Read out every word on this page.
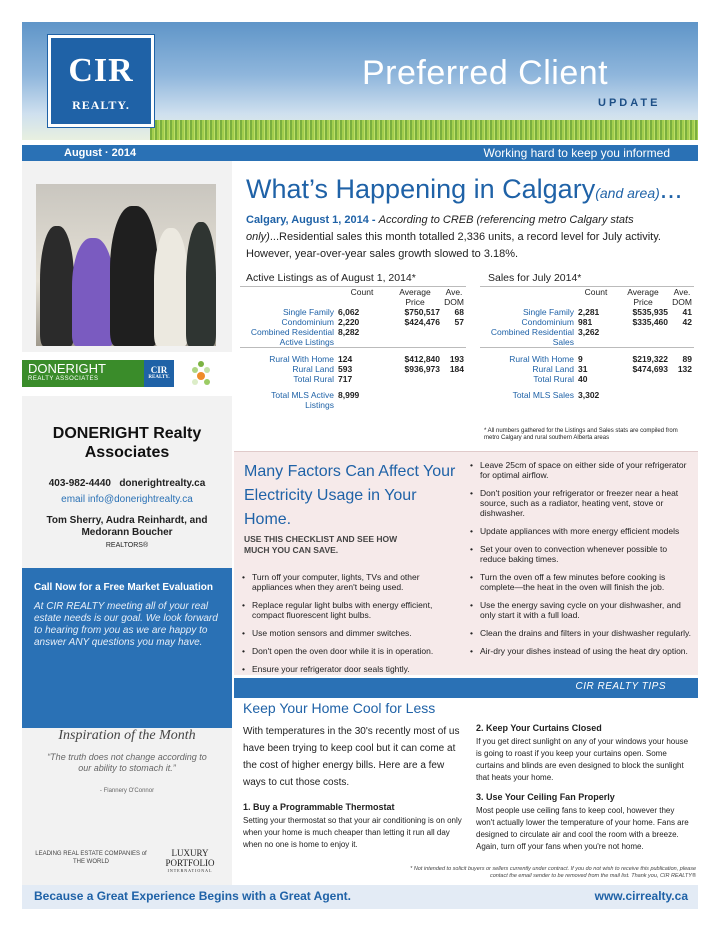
CIR
REALTY.
Preferred Client
UPDATE
August · 2014	Working hard to keep you informed
DONERIGHT
REALTY ASSOCIATES
CIR
REALTY.
DONERIGHT Realty Associates
403-982-4440 donerightrealty.ca
email info@donerightrealty.ca
Tom Sherry, Audra Reinhardt, and Medorann Boucher
REALTORS®
Call Now for a Free Market Evaluation
At CIR REALTY meeting all of your real estate needs is our goal. We look forward to hearing from you as we are happy to answer ANY questions you may have.
Inspiration of the Month
“The truth does not change according to our ability to stomach it.”
- Flannery O'Connor
LEADING REAL ESTATE COMPANIES of THE WORLD
LUXURY PORTFOLIO
INTERNATIONAL
What’s Happening in Calgary(and area)...
Calgary, August 1, 2014 - According to CREB (referencing metro Calgary stats only)...Residential sales this month totalled 2,336 units, a record level for July activity. However, year-over-year sales growth slowed to 3.18%.
Active Listings as of August 1, 2014*	Sales for July 2014*
	Count	Average Price	Ave. DOM
Single Family	6,062	$750,517	68
Condominium	2,220	$424,476	57
Combined Residential Active Listings	8,282		
Rural With Home	124	$412,840	193
Rural Land	593	$936,973	184
Total Rural	717		
Total MLS Active Listings	8,999		
	Count	Average Price	Ave. DOM
Single Family	2,281	$535,935	41
Condominium	981	$335,460	42
Combined Residential Sales	3,262		
Rural With Home	9	$219,322	89
Rural Land	31	$474,693	132
Total Rural	40		
Total MLS Sales	3,302		
* All numbers gathered for the Listings and Sales stats are compiled from metro Calgary and rural southern Alberta areas
Many Factors Can Affect Your Electricity Usage in Your Home.
USE THIS CHECKLIST AND SEE HOW MUCH YOU CAN SAVE.
• Turn off your computer, lights, TVs and other appliances when they aren't being used.
• Replace regular light bulbs with energy efficient, compact fluorescent light bulbs.
• Use motion sensors and dimmer switches.
• Don't open the oven door while it is in operation.
• Ensure your refrigerator door seals tightly.
• Leave 25cm of space on either side of your refrigerator for optimal airflow.
• Don't position your refrigerator or freezer near a heat source, such as a radiator, heating vent, stove or dishwasher.
• Update appliances with more energy efficient models
• Set your oven to convection whenever possible to reduce baking times.
• Turn the oven off a few minutes before cooking is complete—the heat in the oven will finish the job.
• Use the energy saving cycle on your dishwasher, and only start it with a full load.
• Clean the drains and filters in your dishwasher regularly.
• Air-dry your dishes instead of using the heat dry option.
CIR REALTY TIPS
Keep Your Home Cool for Less
With temperatures in the 30's recently most of us have been trying to keep cool but it can come at the cost of higher energy bills. Here are a few ways to cut those costs.
1. Buy a Programmable Thermostat
Setting your thermostat so that your air conditioning is on only when your home is much cheaper than letting it run all day when no one is home to enjoy it.
2. Keep Your Curtains Closed
If you get direct sunlight on any of your windows your house is going to roast if you keep your curtains open. Some curtains and blinds are even designed to block the sunlight that heats your home.
3. Use Your Ceiling Fan Properly
Most people use ceiling fans to keep cool, however they won't actually lower the temperature of your home. Fans are designed to circulate air and cool the room with a breeze. Again, turn off your fans when you're not home.
* Not intended to solicit buyers or sellers currently under contract. If you do not wish to receive this publication, please contact the email sender to be removed from the mail list. Thank you, CIR REALTY®
Because a Great Experience Begins with a Great Agent.	www.cirrealty.ca
